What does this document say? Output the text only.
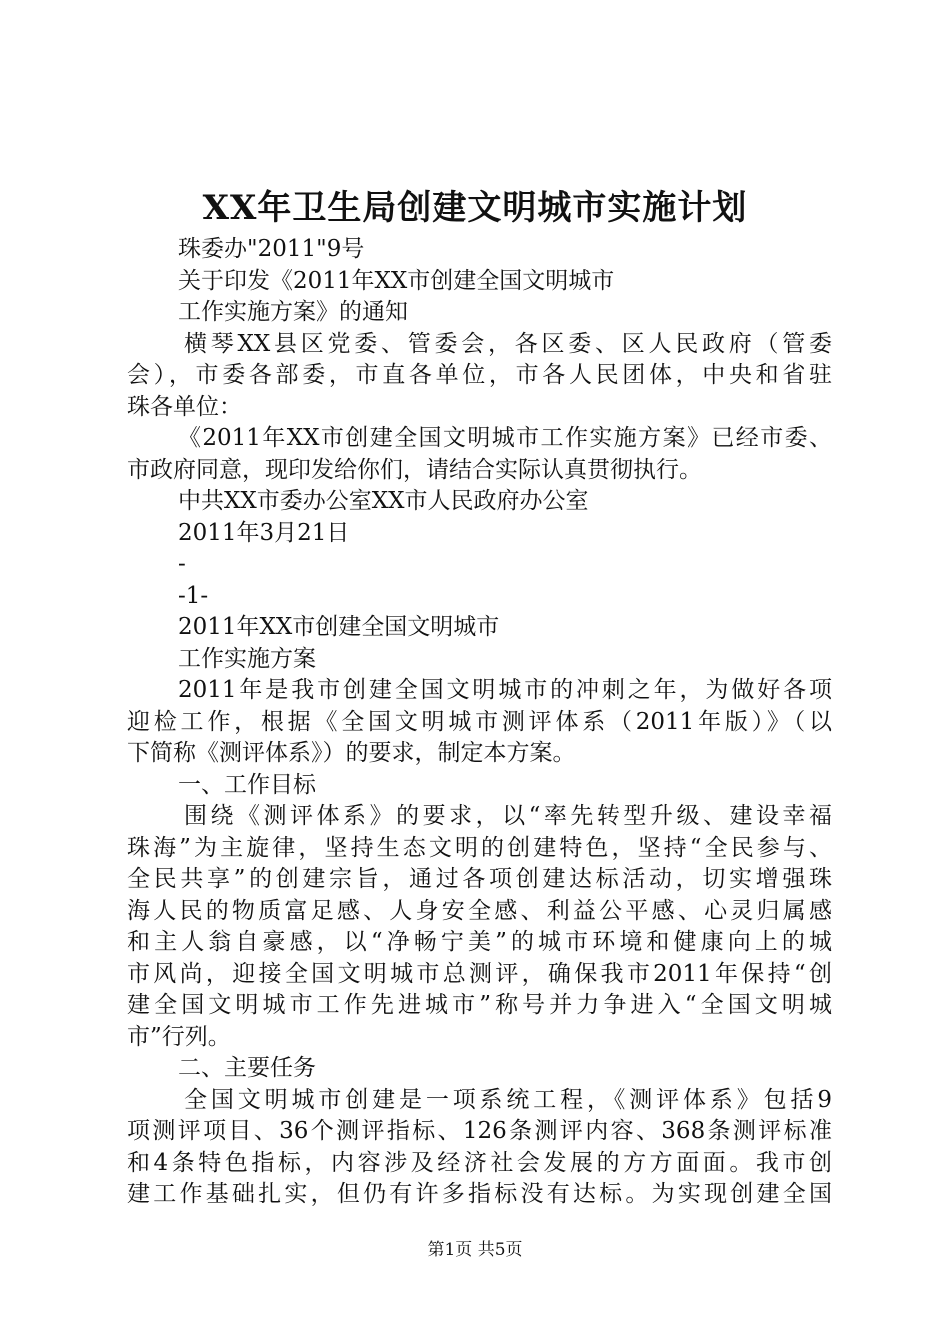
XX年卫生局创建文明城市实施计划
珠委办"2011"9号
关于印发《2011年XX市创建全国文明城市
工作实施方案》的通知
横琴XX县区党委、管委会，各区委、区人民政府（管委
会），市委各部委，市直各单位，市各人民团体，中央和省驻
珠各单位：
《2011年XX市创建全国文明城市工作实施方案》已经市委、
市政府同意，现印发给你们，请结合实际认真贯彻执行。
中共XX市委办公室XX市人民政府办公室
2011年3月21日
-
-1-
2011年XX市创建全国文明城市
工作实施方案
2011年是我市创建全国文明城市的冲刺之年，为做好各项
迎检工作，根据《全国文明城市测评体系（2011年版）》（以
下简称《测评体系》）的要求，制定本方案。
一、工作目标
围绕《测评体系》的要求，以“率先转型升级、建设幸福
珠海”为主旋律，坚持生态文明的创建特色，坚持“全民参与、
全民共享”的创建宗旨，通过各项创建达标活动，切实增强珠
海人民的物质富足感、人身安全感、利益公平感、心灵归属感
和主人翁自豪感，以“净畅宁美”的城市环境和健康向上的城
市风尚，迎接全国文明城市总测评，确保我市2011年保持“创
建全国文明城市工作先进城市”称号并力争进入“全国文明城
市”行列。
二、主要任务
全国文明城市创建是一项系统工程，《测评体系》包括9
项测评项目、36个测评指标、126条测评内容、368条测评标准
和4条特色指标，内容涉及经济社会发展的方方面面。我市创
建工作基础扎实，但仍有许多指标没有达标。为实现创建全国
第1页 共5页
